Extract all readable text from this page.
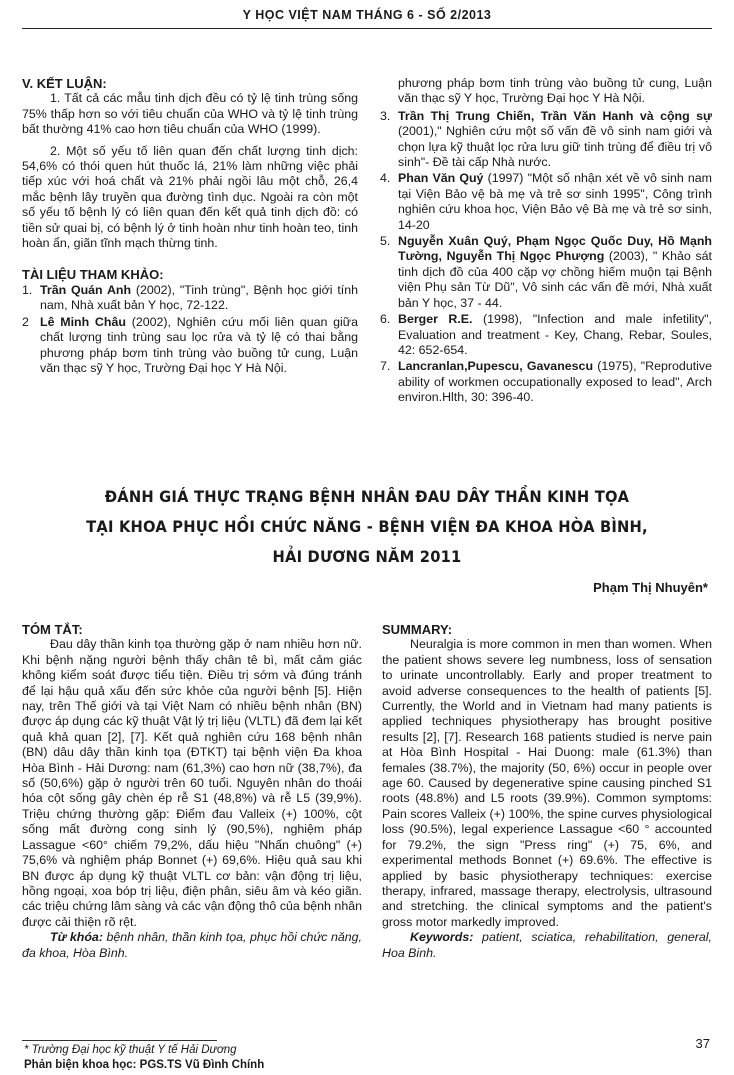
Y HỌC VIỆT NAM THÁNG 6 - SỐ 2/2013

V. KẾT LUẬN:

1. Tất cả các mẫu tinh dịch đều có tỷ lệ tinh trùng sống 75% thấp hơn so với tiêu chuẩn của WHO và tỷ lệ tinh trùng bất thường 41% cao hơn tiêu chuẩn của WHO (1999).

2. Một số yếu tố liên quan đến chất lượng tinh dịch: 54,6% có thói quen hút thuốc lá, 21% làm những việc phải tiếp xúc với hoá chất và 21% phải ngồi lâu một chỗ, 26,4 mắc bệnh lây truyền qua đường tình dục. Ngoài ra còn một số yếu tố bệnh lý có liên quan đến kết quả tinh dịch đồ: có tiền sử quai bị, có bệnh lý ở tinh hoàn như tinh hoàn teo, tinh hoàn ẩn, giãn tĩnh mạch thừng tinh.

TÀI LIỆU THAM KHẢO:

1. Trần Quán Anh (2002), "Tinh trùng", Bệnh học giới tính nam, Nhà xuất bản Y học, 72-122.
2 Lê Minh Châu (2002), Nghiên cứu mối liên quan giữa chất lượng tinh trùng sau lọc rửa và tỷ lệ có thai bằng phương pháp bơm tinh trùng vào buồng tử cung, Luận văn thạc sỹ Y học, Trường Đại học Y Hà Nội.
phương pháp bơm tinh trùng vào buồng tử cung, Luận văn thạc sỹ Y học, Trường Đại học Y Hà Nội.
3. Trần Thị Trung Chiến, Trần Văn Hanh và cộng sự (2001)," Nghiên cứu một số vấn đề vô sinh nam giới và chọn lựa kỹ thuật lọc rửa lưu giữ tinh trùng để điều trị vô sinh"- Đề tài cấp Nhà nước.
4. Phan Văn Quý (1997) "Một số nhận xét về vô sinh nam tại Viện Bảo vệ bà mẹ và trẻ sơ sinh 1995", Công trình nghiên cứu khoa học, Viện Bảo vệ Bà mẹ và trẻ sơ sinh, 14-20
5. Nguyễn Xuân Quý, Phạm Ngọc Quốc Duy, Hồ Mạnh Tường, Nguyễn Thị Ngọc Phượng (2003), " Khảo sát tinh dịch đồ của 400 cặp vợ chồng hiếm muộn tại Bệnh viện Phụ sản Từ Dũ", Vô sinh các vấn đề mới, Nhà xuất bản Y học, 37 - 44.
6. Berger R.E. (1998), "Infection and male infetility", Evaluation and treatment - Key, Chang, Rebar, Soules, 42: 652-654.
7. Lancranlan,Pupescu, Gavanescu (1975), "Reprodutive ability of workmen occupationally exposed to lead", Arch environ.Hlth, 30: 396-40.
ĐÁNH GIÁ THỰC TRẠNG BỆNH NHÂN ĐAU DÂY THẦN KINH TỌA
TẠI KHOA PHỤC HỒI CHỨC NĂNG - BỆNH VIỆN ĐA KHOA HÒA BÌNH,
HẢI DƯƠNG NĂM 2011
Phạm Thị Nhuyên*

TÓM TẮT:

Đau dây thần kinh tọa thường gặp ở nam nhiều hơn nữ. Khi bệnh nặng người bệnh thấy chân tê bì, mất cảm giác không kiểm soát được tiểu tiện. Điều trị sớm và đúng tránh để lại hậu quả xấu đến sức khỏe của người bệnh [5]. Hiện nay, trên Thế giới và tại Việt Nam có nhiều bệnh nhân (BN) được áp dụng các kỹ thuật Vật lý trị liệu (VLTL) đã đem lại kết quả khả quan [2], [7]. Kết quả nghiên cứu 168 bệnh nhân (BN) dâu dây thần kinh tọa (ĐTKT) tại bệnh viện Đa khoa Hòa Bình - Hải Dương: nam (61,3%) cao hơn nữ (38,7%), đa số (50,6%) gặp ở người trên 60 tuổi. Nguyên nhân do thoái hóa cột sống gây chèn ép rễ S1 (48,8%) và rễ L5 (39,9%). Triệu chứng thường gặp: Điểm đau Valleix (+) 100%, cột sống mất đường cong sinh lý (90,5%), nghiệm pháp Lassague <60° chiếm 79,2%, dấu hiệu "Nhấn chuông" (+) 75,6% và nghiệm pháp Bonnet (+) 69,6%. Hiệu quả sau khi BN được áp dụng kỹ thuật VLTL cơ bản: vận động trị liệu, hồng ngoại, xoa bóp trị liệu, điện phân, siêu âm và kéo giãn. các triệu chứng lâm sàng và các vận động thô của bệnh nhân được cải thiện rõ rệt.

Từ khóa: bệnh nhân, thần kinh tọa, phục hồi chức năng, đa khoa, Hòa Bình.

SUMMARY:

Neuralgia is more common in men than women. When the patient shows severe leg numbness, loss of sensation to urinate uncontrollably. Early and proper treatment to avoid adverse consequences to the health of patients [5]. Currently, the World and in Vietnam had many patients is applied techniques physiotherapy has brought positive results [2], [7]. Research 168 patients studied is nerve pain at Hòa Bình Hospital - Hai Duong: male (61.3%) than females (38.7%), the majority (50, 6%) occur in people over age 60. Caused by degenerative spine causing pinched S1 roots (48.8%) and L5 roots (39.9%). Common symptoms: Pain scores Valleix (+) 100%, the spine curves physiological loss (90.5%), legal experience Lassague <60 ° accounted for 79.2%, the sign "Press ring" (+) 75, 6%, and experimental methods Bonnet (+) 69.6%. The effective is applied by basic physiotherapy techniques: exercise therapy, infrared, massage therapy, electrolysis, ultrasound and stretching. the clinical symptoms and the patient's gross motor markedly improved.

Keywords: patient, sciatica, rehabilitation, general, Hoa Binh.

* Trường Đại học kỹ thuật Y tế Hải Dương
Phản biện khoa học: PGS.TS Vũ Đình Chính
37
